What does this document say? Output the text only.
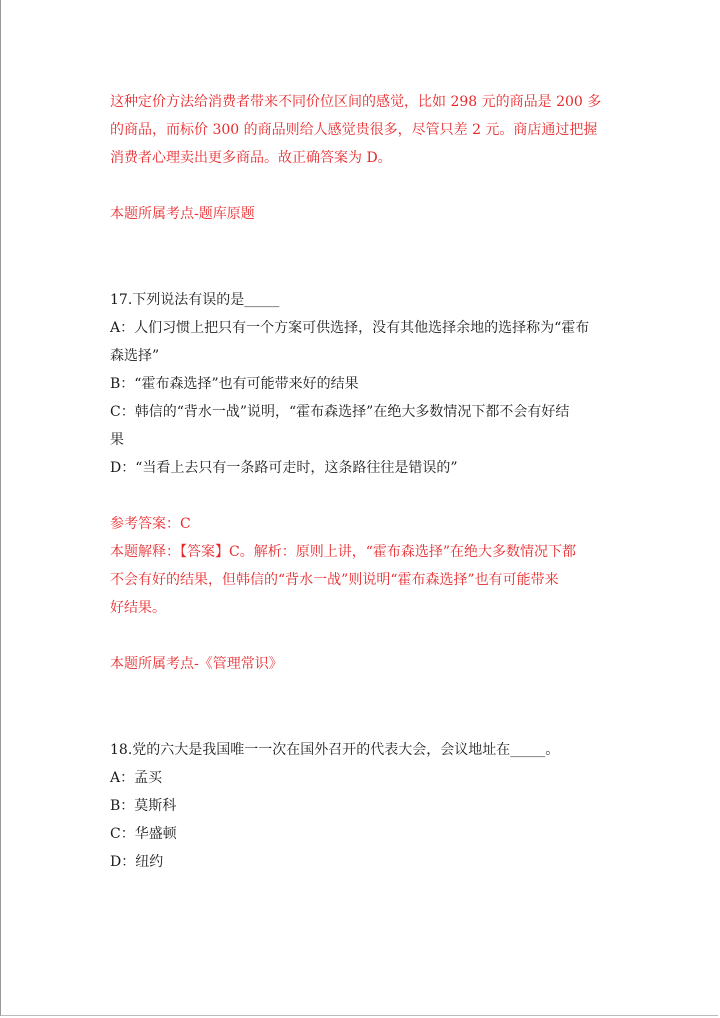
这种定价方法给消费者带来不同价位区间的感觉，比如 298 元的商品是 200 多
的商品，而标价 300 的商品则给人感觉贵很多，尽管只差 2 元。商店通过把握
消费者心理卖出更多商品。故正确答案为 D。
本题所属考点-题库原题
17.下列说法有误的是_____
A：人们习惯上把只有一个方案可供选择，没有其他选择余地的选择称为“霍布
森选择”
B：“霍布森选择”也有可能带来好的结果
C：韩信的“背水一战”说明，“霍布森选择”在绝大多数情况下都不会有好结
果
D：“当看上去只有一条路可走时，这条路往往是错误的”
参考答案：C
本题解释：【答案】C。解析：原则上讲，“霍布森选择”在绝大多数情况下都
不会有好的结果，但韩信的“背水一战”则说明“霍布森选择”也有可能带来
好结果。
本题所属考点-《管理常识》
18.党的六大是我国唯一一次在国外召开的代表大会，会议地址在_____。
A：孟买
B：莫斯科
C：华盛顿
D：纽约
